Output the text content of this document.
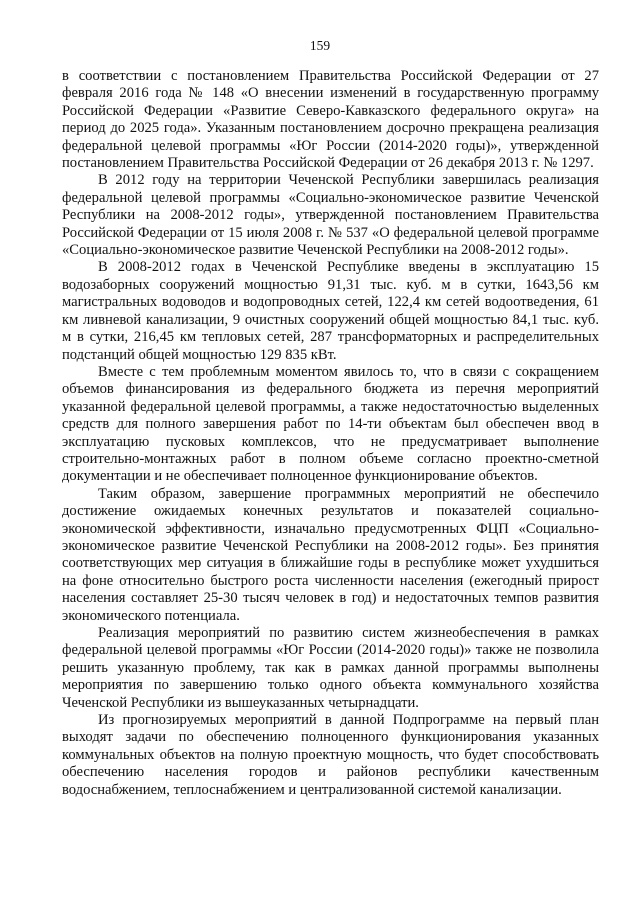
159

в соответствии с постановлением Правительства Российской Федерации от 27 февраля 2016 года № 148 «О внесении изменений в государственную программу Российской Федерации «Развитие Северо-Кавказского федерального округа» на период до 2025 года». Указанным постановлением досрочно прекращена реализация федеральной целевой программы «Юг России (2014-2020 годы)», утвержденной постановлением Правительства Российской Федерации от 26 декабря 2013 г. № 1297.

В 2012 году на территории Чеченской Республики завершилась реализация федеральной целевой программы «Социально-экономическое развитие Чеченской Республики на 2008-2012 годы», утвержденной постановлением Правительства Российской Федерации от 15 июля 2008 г. № 537 «О федеральной целевой программе «Социально-экономическое развитие Чеченской Республики на 2008-2012 годы».

В 2008-2012 годах в Чеченской Республике введены в эксплуатацию 15 водозаборных сооружений мощностью 91,31 тыс. куб. м в сутки, 1643,56 км магистральных водоводов и водопроводных сетей, 122,4 км сетей водоотведения, 61 км ливневой канализации, 9 очистных сооружений общей мощностью 84,1 тыс. куб. м в сутки, 216,45 км тепловых сетей, 287 трансформаторных и распределительных подстанций общей мощностью 129 835 кВт.

Вместе с тем проблемным моментом явилось то, что в связи с сокращением объемов финансирования из федерального бюджета из перечня мероприятий указанной федеральной целевой программы, а также недостаточностью выделенных средств для полного завершения работ по 14-ти объектам был обеспечен ввод в эксплуатацию пусковых комплексов, что не предусматривает выполнение строительно-монтажных работ в полном объеме согласно проектно-сметной документации и не обеспечивает полноценное функционирование объектов.

Таким образом, завершение программных мероприятий не обеспечило достижение ожидаемых конечных результатов и показателей социально-экономической эффективности, изначально предусмотренных ФЦП «Социально-экономическое развитие Чеченской Республики на 2008-2012 годы». Без принятия соответствующих мер ситуация в ближайшие годы в республике может ухудшиться на фоне относительно быстрого роста численности населения (ежегодный прирост населения составляет 25-30 тысяч человек в год) и недостаточных темпов развития экономического потенциала.

Реализация мероприятий по развитию систем жизнеобеспечения в рамках федеральной целевой программы «Юг России (2014-2020 годы)» также не позволила решить указанную проблему, так как в рамках данной программы выполнены мероприятия по завершению только одного объекта коммунального хозяйства Чеченской Республики из вышеуказанных четырнадцати.

Из прогнозируемых мероприятий в данной Подпрограмме на первый план выходят задачи по обеспечению полноценного функционирования указанных коммунальных объектов на полную проектную мощность, что будет способствовать обеспечению населения городов и районов республики качественным водоснабжением, теплоснабжением и централизованной системой канализации.
